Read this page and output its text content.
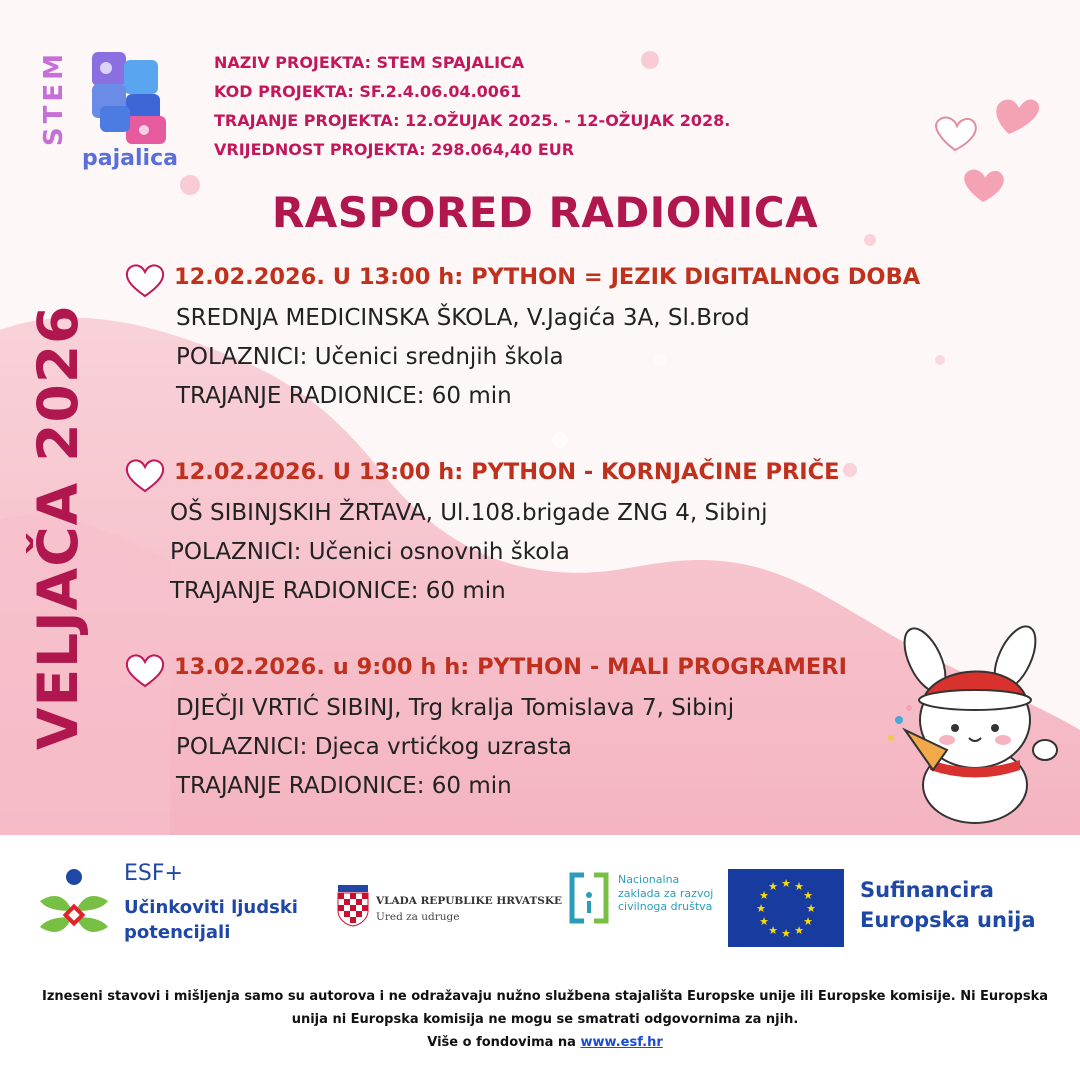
STEM
pajalica
NAZIV PROJEKTA: STEM SPAJALICA
KOD PROJEKTA: SF.2.4.06.04.0061
TRAJANJE PROJEKTA: 12.OŽUJAK 2025. - 12-OŽUJAK 2028.
VRIJEDNOST PROJEKTA: 298.064,40 EUR
RASPORED RADIONICA
VELJAČA 2026
12.02.2026. U 13:00 h: PYTHON = JEZIK DIGITALNOG DOBA
SREDNJA MEDICINSKA ŠKOLA, V.Jagića 3A, Sl.Brod
POLAZNICI: Učenici srednjih škola
TRAJANJE RADIONICE: 60 min
12.02.2026. U 13:00 h: PYTHON - KORNJAČINE PRIČE
OŠ SIBINJSKIH ŽRTAVA, Ul.108.brigade ZNG 4, Sibinj
POLAZNICI: Učenici osnovnih škola
TRAJANJE RADIONICE: 60 min
13.02.2026. u 9:00 h h: PYTHON - MALI PROGRAMERI
DJEČJI VRTIĆ SIBINJ, Trg kralja Tomislava 7, Sibinj
POLAZNICI: Djeca vrtićkog uzrasta
TRAJANJE RADIONICE: 60 min
ESF+
Učinkoviti ljudski potencijali
VLADA REPUBLIKE HRVATSKE
Ured za udruge
Nacionalna zaklada za razvoj civilnoga društva
★ ★
★
★
★
★
★
★
★
★
★
★	Sufinancira
Europska unija
Izneseni stavovi i mišljenja samo su autorova i ne odražavaju nužno službena stajališta Europske unije ili Europske komisije. Ni Europska
unija ni Europska komisija ne mogu se smatrati odgovornima za njih.
Više o fondovima na www.esf.hr
